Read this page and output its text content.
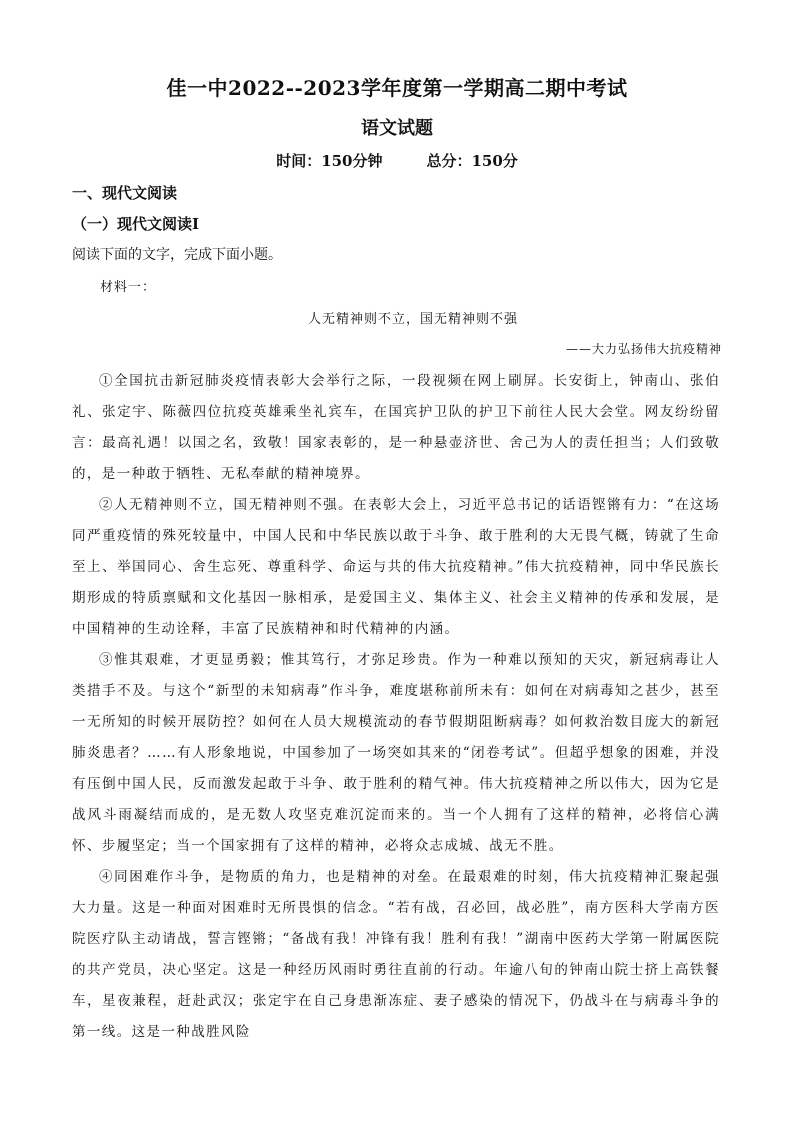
佳一中2022--2023学年度第一学期高二期中考试
语文试题
时间：150分钟	总分：150分
一、现代文阅读
（一）现代文阅读Ⅰ
阅读下面的文字，完成下面小题。
材料一：
人无精神则不立，国无精神则不强
——大力弘扬伟大抗疫精神

①全国抗击新冠肺炎疫情表彰大会举行之际，一段视频在网上刷屏。长安街上，钟南山、张伯礼、张定宇、陈薇四位抗疫英雄乘坐礼宾车，在国宾护卫队的护卫下前往人民大会堂。网友纷纷留言：最高礼遇！以国之名，致敬！国家表彰的，是一种悬壶济世、舍己为人的责任担当；人们致敬的，是一种敢于牺牲、无私奉献的精神境界。

②人无精神则不立，国无精神则不强。在表彰大会上，习近平总书记的话语铿锵有力：“在这场同严重疫情的殊死较量中，中国人民和中华民族以敢于斗争、敢于胜利的大无畏气概，铸就了生命至上、举国同心、舍生忘死、尊重科学、命运与共的伟大抗疫精神。”伟大抗疫精神，同中华民族长期形成的特质禀赋和文化基因一脉相承，是爱国主义、集体主义、社会主义精神的传承和发展，是中国精神的生动诠释，丰富了民族精神和时代精神的内涵。

③惟其艰难，才更显勇毅；惟其笃行，才弥足珍贵。作为一种难以预知的天灾，新冠病毒让人类措手不及。与这个“新型的未知病毒”作斗争，难度堪称前所未有：如何在对病毒知之甚少，甚至一无所知的时候开展防控？如何在人员大规模流动的春节假期阻断病毒？如何救治数目庞大的新冠肺炎患者？……有人形象地说，中国参加了一场突如其来的“闭卷考试”。但超乎想象的困难，并没有压倒中国人民，反而激发起敢于斗争、敢于胜利的精气神。伟大抗疫精神之所以伟大，因为它是战风斗雨凝结而成的，是无数人攻坚克难沉淀而来的。当一个人拥有了这样的精神，必将信心满怀、步履坚定；当一个国家拥有了这样的精神，必将众志成城、战无不胜。

④同困难作斗争，是物质的角力，也是精神的对垒。在最艰难的时刻，伟大抗疫精神汇聚起强大力量。这是一种面对困难时无所畏惧的信念。“若有战，召必回，战必胜”，南方医科大学南方医院医疗队主动请战，誓言铿锵；“备战有我！冲锋有我！胜利有我！”湖南中医药大学第一附属医院的共产党员，决心坚定。这是一种经历风雨时勇往直前的行动。年逾八旬的钟南山院士挤上高铁餐车，星夜兼程，赶赴武汉；张定宇在自己身患渐冻症、妻子感染的情况下，仍战斗在与病毒斗争的第一线。这是一种战胜风险
